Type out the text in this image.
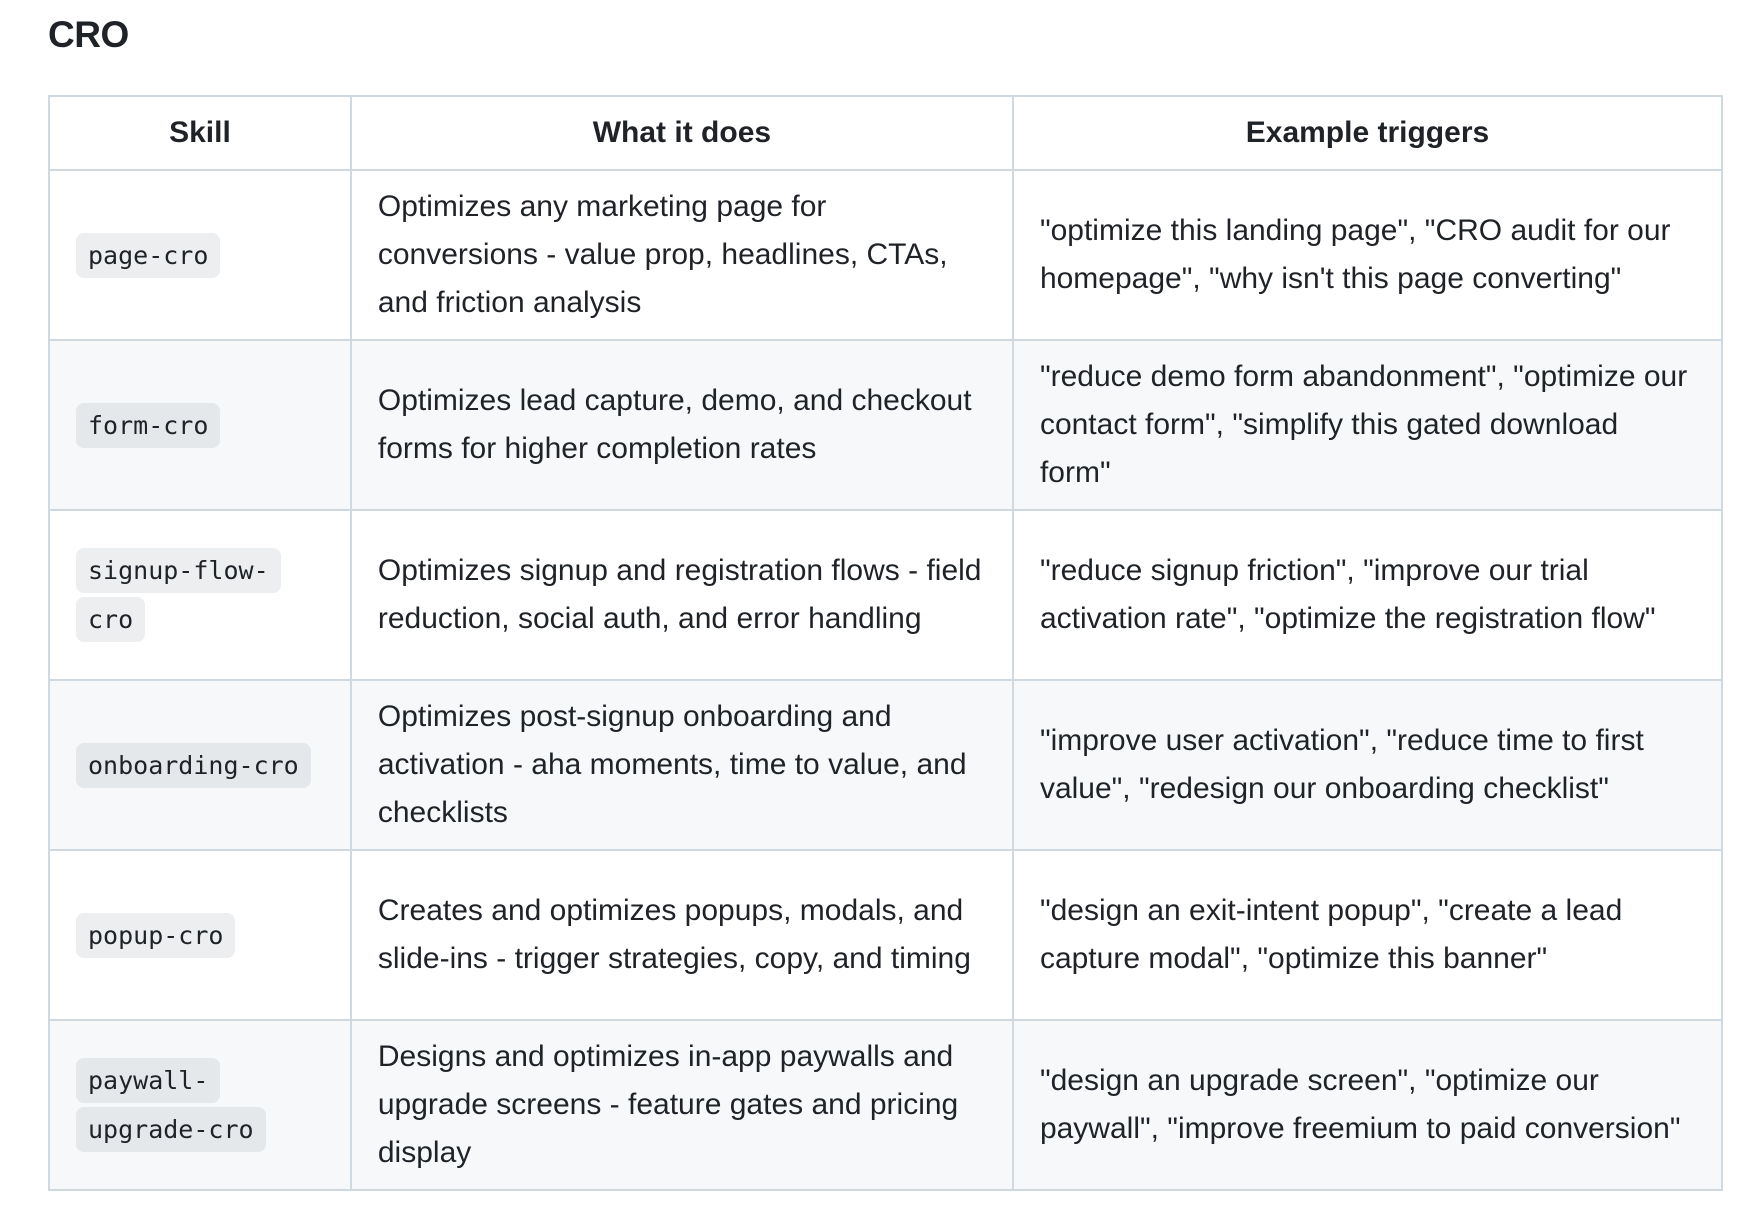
CRO
Skill	What it does	Example triggers
page-cro	Optimizes any marketing page for conversions - value prop, headlines, CTAs, and friction analysis	"optimize this landing page", "CRO audit for our homepage", "why isn't this page converting"
form-cro	Optimizes lead capture, demo, and checkout forms for higher completion rates	"reduce demo form abandonment", "optimize our contact form", "simplify this gated download form"
signup-flow-cro	Optimizes signup and registration flows - field reduction, social auth, and error handling	"reduce signup friction", "improve our trial activation rate", "optimize the registration flow"
onboarding-cro	Optimizes post-signup onboarding and activation - aha moments, time to value, and checklists	"improve user activation", "reduce time to first value", "redesign our onboarding checklist"
popup-cro	Creates and optimizes popups, modals, and slide-ins - trigger strategies, copy, and timing	"design an exit-intent popup", "create a lead capture modal", "optimize this banner"
paywall-upgrade-cro	Designs and optimizes in-app paywalls and upgrade screens - feature gates and pricing display	"design an upgrade screen", "optimize our paywall", "improve freemium to paid conversion"
